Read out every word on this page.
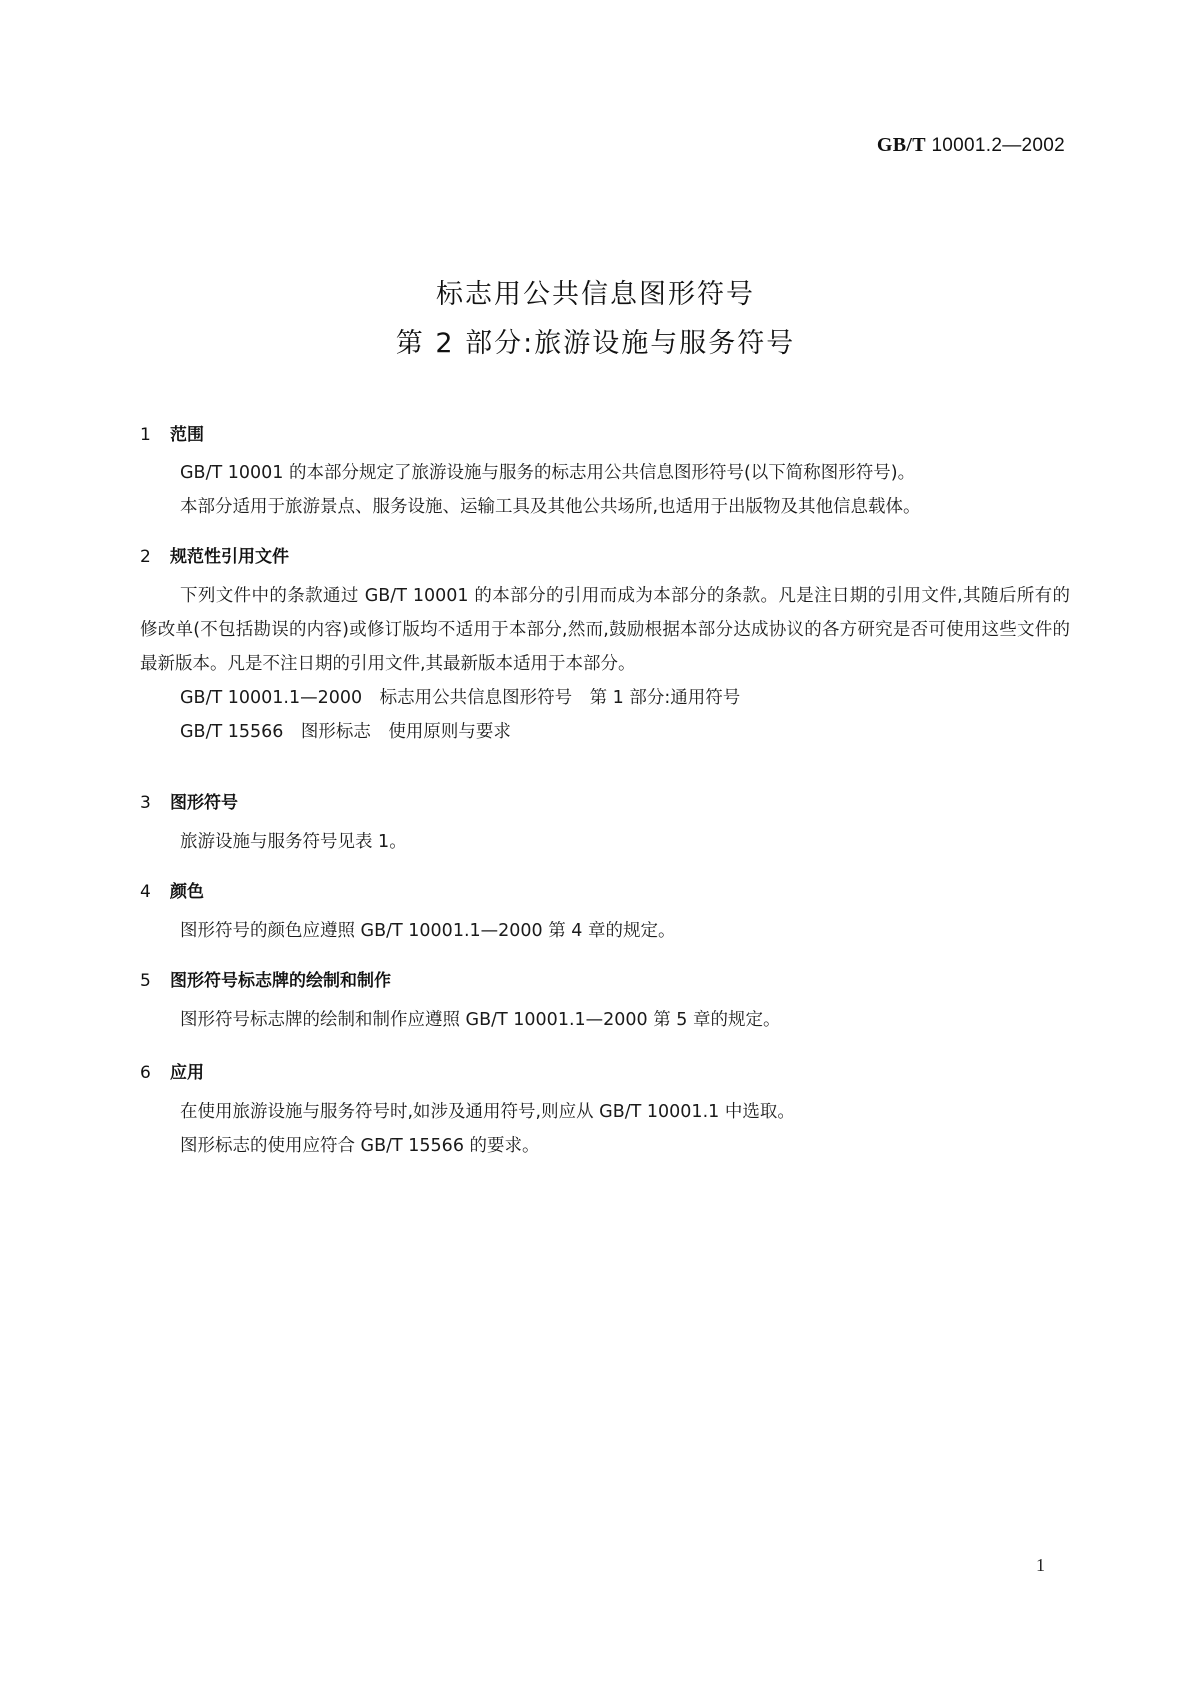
GB/T 10001.2—2002
标志用公共信息图形符号
第 2 部分:旅游设施与服务符号
1 范围

GB/T 10001 的本部分规定了旅游设施与服务的标志用公共信息图形符号(以下简称图形符号)。

本部分适用于旅游景点、服务设施、运输工具及其他公共场所,也适用于出版物及其他信息载体。

2 规范性引用文件

下列文件中的条款通过 GB/T 10001 的本部分的引用而成为本部分的条款。凡是注日期的引用文件,其随后所有的修改单(不包括勘误的内容)或修订版均不适用于本部分,然而,鼓励根据本部分达成协议的各方研究是否可使用这些文件的最新版本。凡是不注日期的引用文件,其最新版本适用于本部分。

GB/T 10001.1—2000　标志用公共信息图形符号　第 1 部分:通用符号

GB/T 15566　图形标志　使用原则与要求

3 图形符号

旅游设施与服务符号见表 1。

4 颜色

图形符号的颜色应遵照 GB/T 10001.1—2000 第 4 章的规定。

5 图形符号标志牌的绘制和制作

图形符号标志牌的绘制和制作应遵照 GB/T 10001.1—2000 第 5 章的规定。

6 应用

在使用旅游设施与服务符号时,如涉及通用符号,则应从 GB/T 10001.1 中选取。

图形标志的使用应符合 GB/T 15566 的要求。

1
